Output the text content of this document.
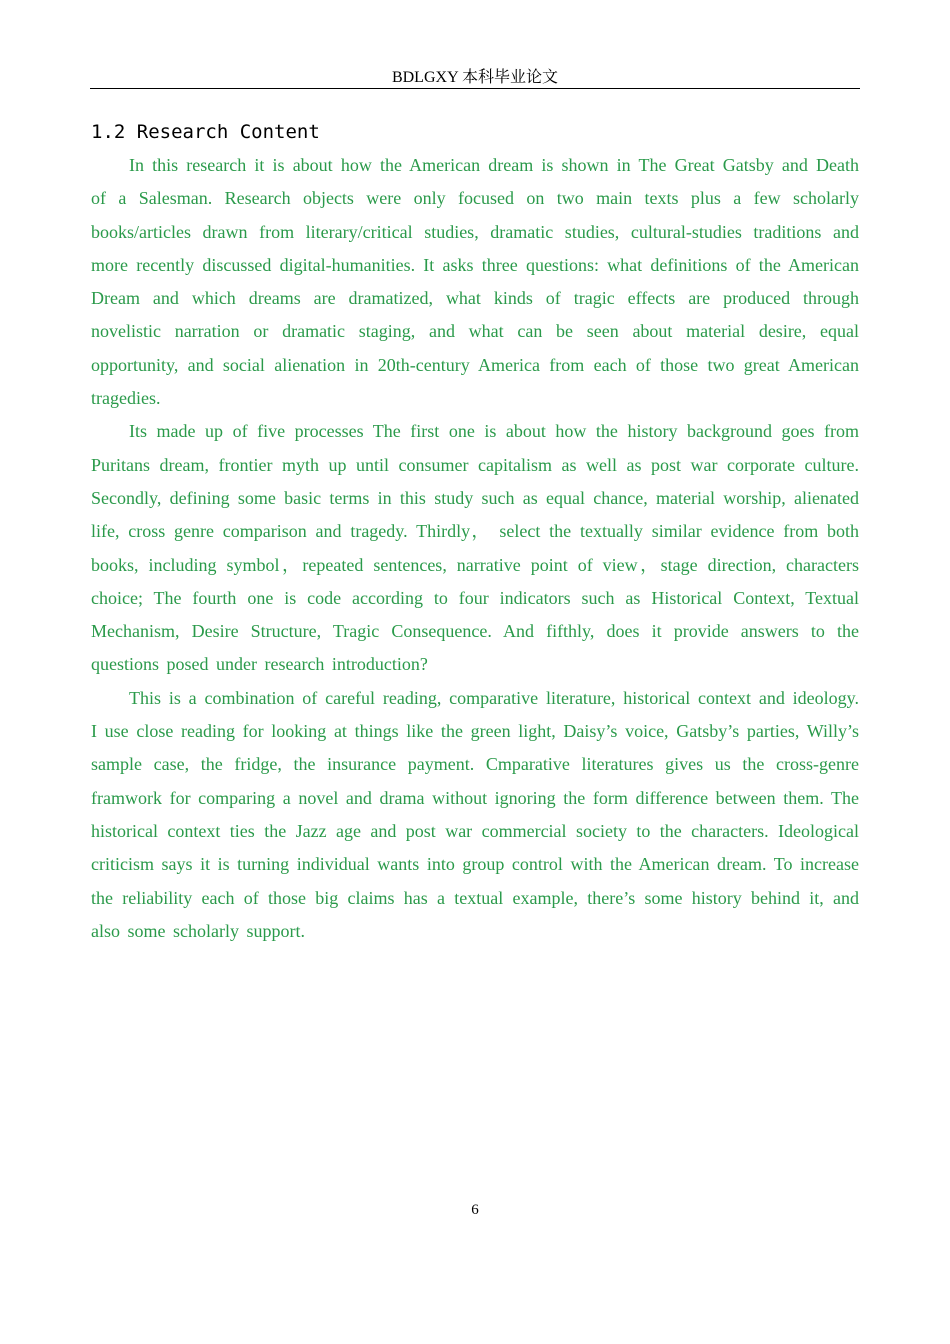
BDLGXY 本科毕业论文
1.2 Research Content

In this research it is about how the American dream is shown in The Great Gatsby and Death of a Salesman. Research objects were only focused on two main texts plus a few scholarly books/articles drawn from literary/critical studies, dramatic studies, cultural-studies traditions and more recently discussed digital-humanities. It asks three questions: what definitions of the American Dream and which dreams are dramatized, what kinds of tragic effects are produced through novelistic narration or dramatic staging, and what can be seen about material desire, equal opportunity, and social alienation in 20th-century America from each of those two great American tragedies.

Its made up of five processes The first one is about how the history background goes from Puritans dream, frontier myth up until consumer capitalism as well as post war corporate culture. Secondly, defining some basic terms in this study such as equal chance, material worship, alienated life, cross genre comparison and tragedy. Thirdly， select the textually similar evidence from both books, including symbol，repeated sentences, narrative point of view，stage direction, characters choice; The fourth one is code according to four indicators such as Historical Context, Textual Mechanism, Desire Structure, Tragic Consequence. And fifthly, does it provide answers to the questions posed under research introduction?

This is a combination of careful reading, comparative literature, historical context and ideology. I use close reading for looking at things like the green light, Daisy’s voice, Gatsby’s parties, Willy’s sample case, the fridge, the insurance payment. Cmparative literatures gives us the cross-genre framwork for comparing a novel and drama without ignoring the form difference between them. The historical context ties the Jazz age and post war commercial society to the characters. Ideological criticism says it is turning individual wants into group control with the American dream. To increase the reliability each of those big claims has a textual example, there’s some history behind it, and also some scholarly support.

6
